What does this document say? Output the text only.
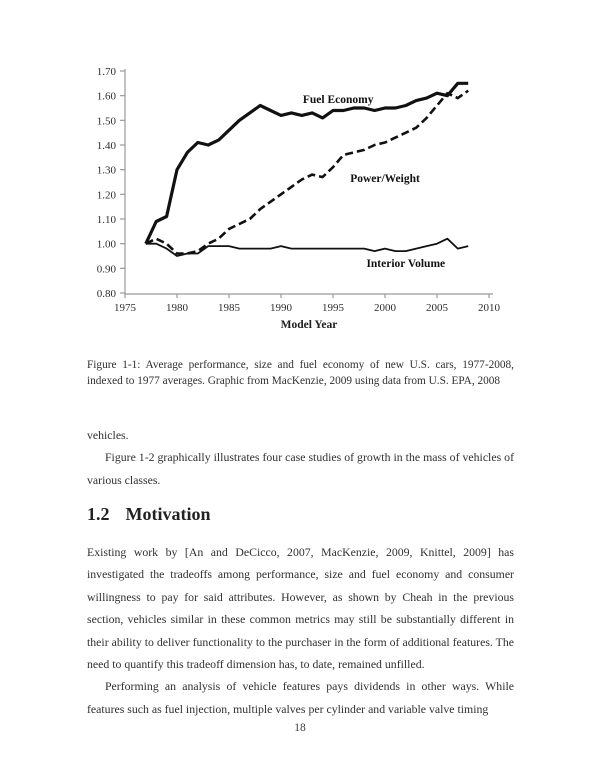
0.80
0.90
1.00
1.10
1.20
1.30
1.40
1.50
1.60
1.70
1975	1980	1985	1990	1995	2000	2005	2010
Model Year
Fuel Economy
Power/Weight
Interior Volume
Figure 1-1: Average performance, size and fuel economy of new U.S. cars, 1977-2008, indexed to 1977 averages. Graphic from MacKenzie, 2009 using data from U.S. EPA, 2008
vehicles.
Figure 1-2 graphically illustrates four case studies of growth in the mass of vehicles of various classes.
1.2 Motivation

Existing work by [An and DeCicco, 2007, MacKenzie, 2009, Knittel, 2009] has investigated the tradeoffs among performance, size and fuel economy and consumer willingness to pay for said attributes. However, as shown by Cheah in the previous section, vehicles similar in these common metrics may still be substantially different in their ability to deliver functionality to the purchaser in the form of additional features. The need to quantify this tradeoff dimension has, to date, remained unfilled.

Performing an analysis of vehicle features pays dividends in other ways. While features such as fuel injection, multiple valves per cylinder and variable valve timing

18
